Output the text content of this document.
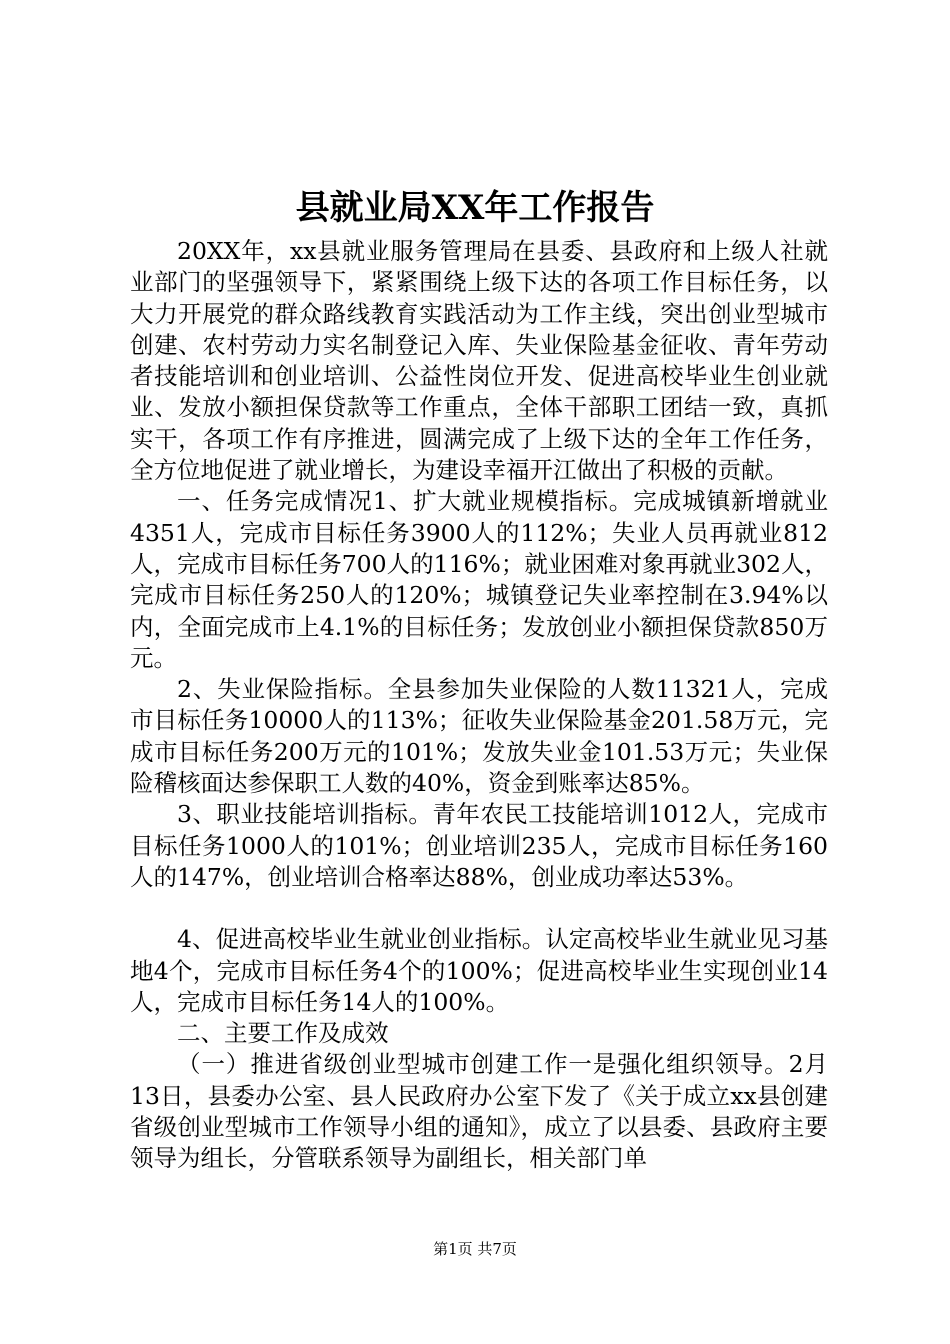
县就业局XX年工作报告

20XX年，xx县就业服务管理局在县委、县政府和上级人社就业部门的坚强领导下，紧紧围绕上级下达的各项工作目标任务，以大力开展党的群众路线教育实践活动为工作主线，突出创业型城市创建、农村劳动力实名制登记入库、失业保险基金征收、青年劳动者技能培训和创业培训、公益性岗位开发、促进高校毕业生创业就业、发放小额担保贷款等工作重点，全体干部职工团结一致，真抓实干，各项工作有序推进，圆满完成了上级下达的全年工作任务，全方位地促进了就业增长，为建设幸福开江做出了积极的贡献。

一、任务完成情况1、扩大就业规模指标。完成城镇新增就业4351人，完成市目标任务3900人的112%；失业人员再就业812人，完成市目标任务700人的116%；就业困难对象再就业302人，完成市目标任务250人的120%；城镇登记失业率控制在3.94%以内，全面完成市上4.1%的目标任务；发放创业小额担保贷款850万元。

2、失业保险指标。全县参加失业保险的人数11321人，完成市目标任务10000人的113%；征收失业保险基金201.58万元，完成市目标任务200万元的101%；发放失业金101.53万元；失业保险稽核面达参保职工人数的40%，资金到账率达85%。

3、职业技能培训指标。青年农民工技能培训1012人，完成市目标任务1000人的101%；创业培训235人，完成市目标任务160人的147%，创业培训合格率达88%，创业成功率达53%。

4、促进高校毕业生就业创业指标。认定高校毕业生就业见习基地4个，完成市目标任务4个的100%；促进高校毕业生实现创业14人，完成市目标任务14人的100%。

二、主要工作及成效

（一）推进省级创业型城市创建工作一是强化组织领导。2月13日，县委办公室、县人民政府办公室下发了《关于成立xx县创建省级创业型城市工作领导小组的通知》，成立了以县委、县政府主要领导为组长，分管联系领导为副组长，相关部门单

第1页 共7页
